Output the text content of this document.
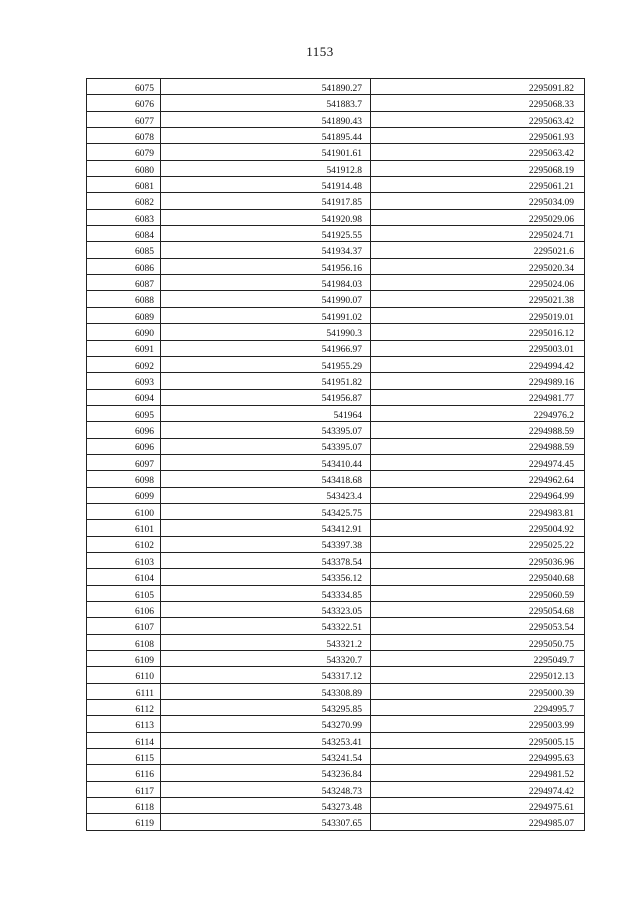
1153
6075	541890.27	2295091.82
6076	541883.7	2295068.33
6077	541890.43	2295063.42
6078	541895.44	2295061.93
6079	541901.61	2295063.42
6080	541912.8	2295068.19
6081	541914.48	2295061.21
6082	541917.85	2295034.09
6083	541920.98	2295029.06
6084	541925.55	2295024.71
6085	541934.37	2295021.6
6086	541956.16	2295020.34
6087	541984.03	2295024.06
6088	541990.07	2295021.38
6089	541991.02	2295019.01
6090	541990.3	2295016.12
6091	541966.97	2295003.01
6092	541955.29	2294994.42
6093	541951.82	2294989.16
6094	541956.87	2294981.77
6095	541964	2294976.2
6096	543395.07	2294988.59
6096	543395.07	2294988.59
6097	543410.44	2294974.45
6098	543418.68	2294962.64
6099	543423.4	2294964.99
6100	543425.75	2294983.81
6101	543412.91	2295004.92
6102	543397.38	2295025.22
6103	543378.54	2295036.96
6104	543356.12	2295040.68
6105	543334.85	2295060.59
6106	543323.05	2295054.68
6107	543322.51	2295053.54
6108	543321.2	2295050.75
6109	543320.7	2295049.7
6110	543317.12	2295012.13
6111	543308.89	2295000.39
6112	543295.85	2294995.7
6113	543270.99	2295003.99
6114	543253.41	2295005.15
6115	543241.54	2294995.63
6116	543236.84	2294981.52
6117	543248.73	2294974.42
6118	543273.48	2294975.61
6119	543307.65	2294985.07
